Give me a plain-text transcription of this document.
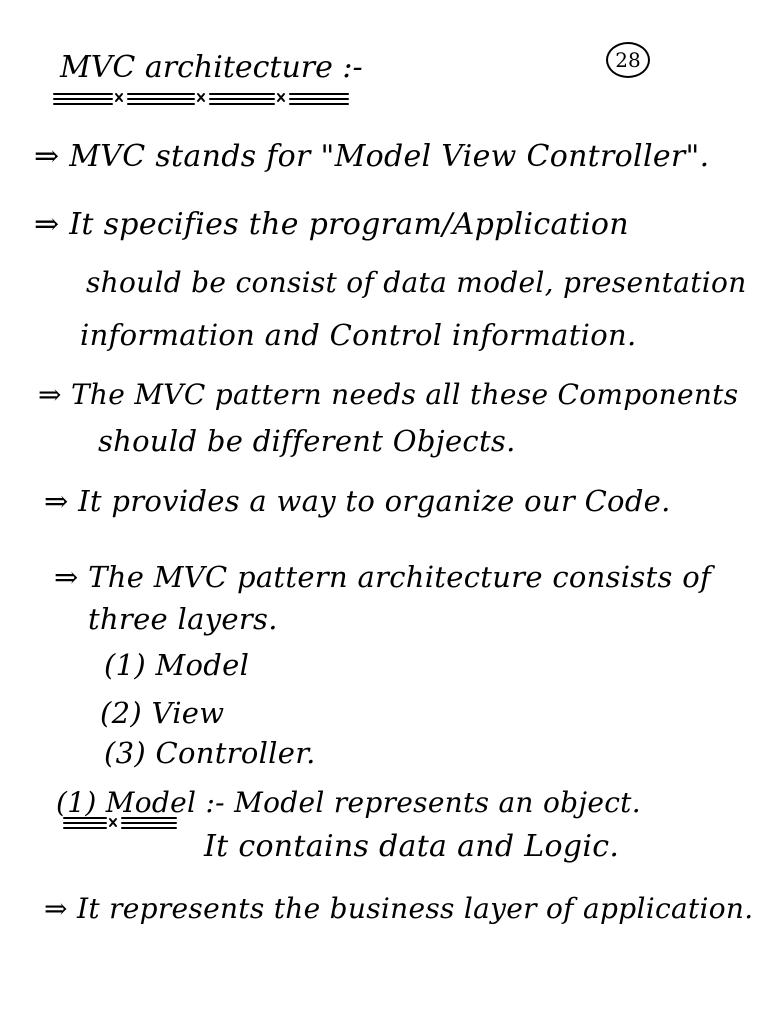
MVC architecture :-	28
⇒ MVC stands for "Model View Controller".
⇒ It specifies the program/Application
should be consist of data model, presentation
information and Control information.
⇒ The MVC pattern needs all these Components
should be different Objects.
⇒ It provides a way to organize our Code.
⇒ The MVC pattern architecture consists of
three layers.
(1) Model
(2) View
(3) Controller.
(1) Model :- Model represents an object.
It contains data and Logic.
⇒ It represents the business layer of application.
